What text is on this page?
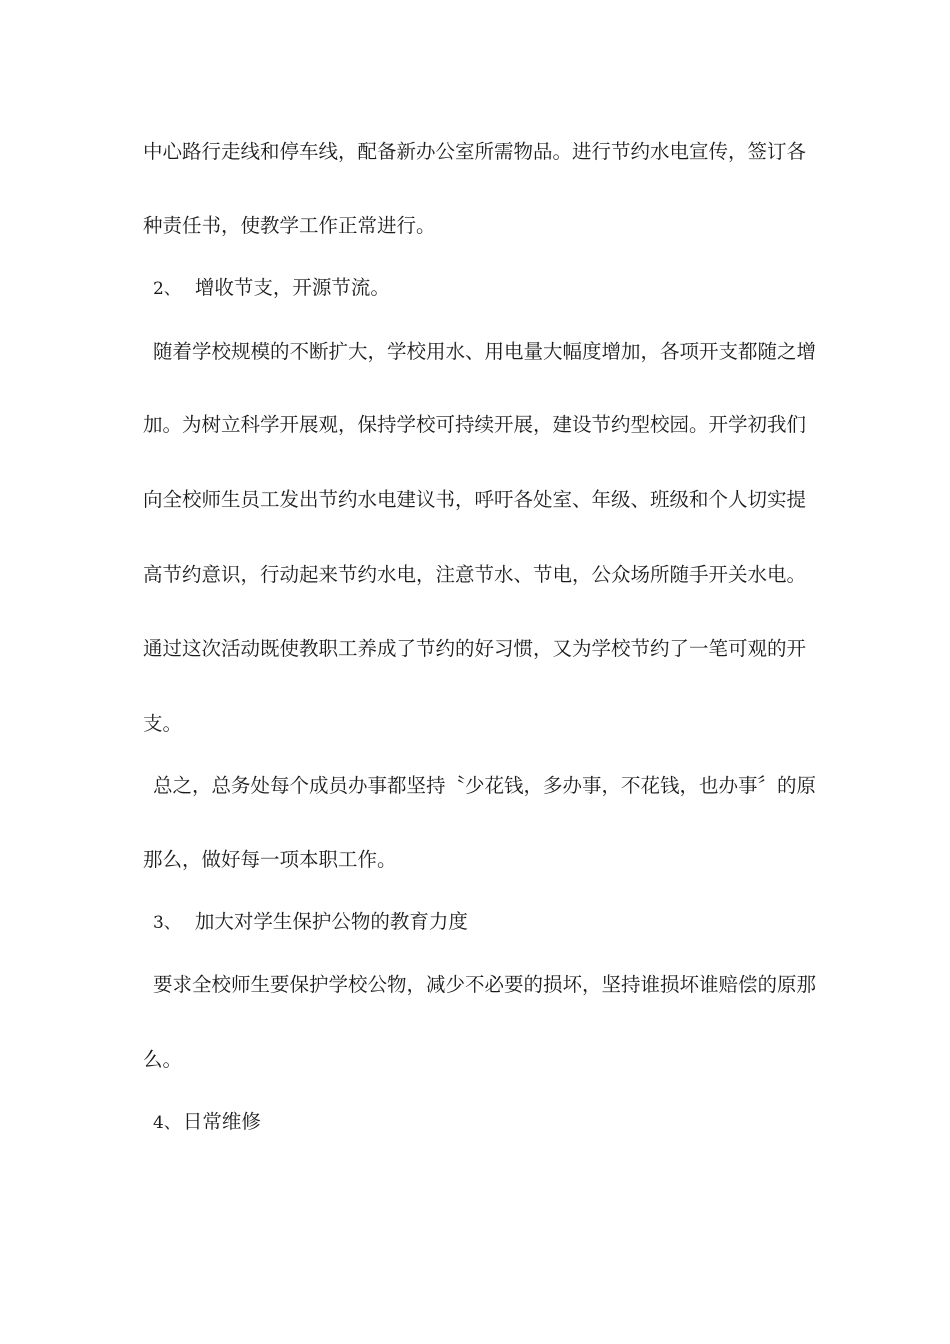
中心路行走线和停车线，配备新办公室所需物品。进行节约水电宣传，签订各
种责任书，使教学工作正常进行。
2、 增收节支，开源节流。
随着学校规模的不断扩大，学校用水、用电量大幅度增加，各项开支都随之增
加。为树立科学开展观，保持学校可持续开展，建设节约型校园。开学初我们
向全校师生员工发出节约水电建议书，呼吁各处室、年级、班级和个人切实提
高节约意识，行动起来节约水电，注意节水、节电，公众场所随手开关水电。
通过这次活动既使教职工养成了节约的好习惯，又为学校节约了一笔可观的开
支。
总之，总务处每个成员办事都坚持〝少花钱，多办事，不花钱，也办事〞的原
那么，做好每一项本职工作。
3、 加大对学生保护公物的教育力度
要求全校师生要保护学校公物，减少不必要的损坏，坚持谁损坏谁赔偿的原那
么。
4、 日常维修
